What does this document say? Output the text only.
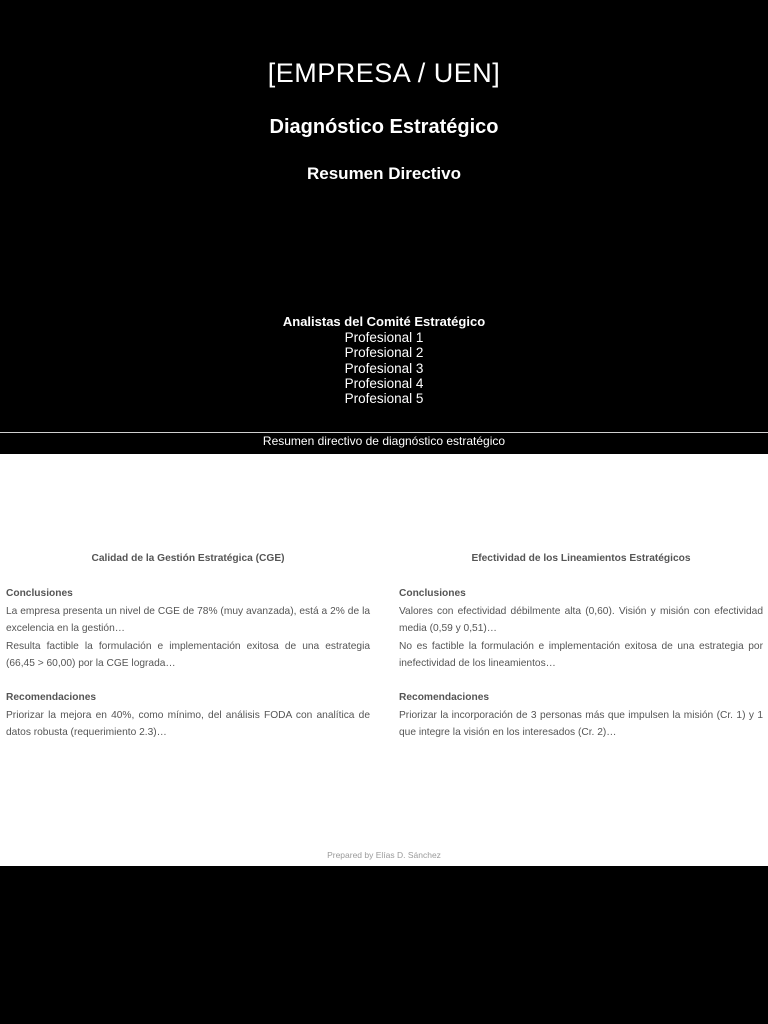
[EMPRESA / UEN]
Diagnóstico Estratégico
Resumen Directivo
Analistas del Comité Estratégico
Profesional 1
Profesional 2
Profesional 3
Profesional 4
Profesional 5
Resumen directivo de diagnóstico estratégico
Calidad de la Gestión Estratégica (CGE)
Conclusiones
La empresa presenta un nivel de CGE de 78% (muy avanzada), está a 2% de la excelencia en la gestión…
Resulta factible la formulación e implementación exitosa de una estrategia (66,45 > 60,00) por la CGE lograda…
Recomendaciones
Priorizar la mejora en 40%, como mínimo, del análisis FODA con analítica de datos robusta (requerimiento 2.3)…
Efectividad de los Lineamientos Estratégicos
Conclusiones
Valores con efectividad débilmente alta (0,60). Visión y misión con efectividad media (0,59 y 0,51)…
No es factible la formulación e implementación exitosa de una estrategia por inefectividad de los lineamientos…
Recomendaciones
Priorizar la incorporación de 3 personas más que impulsen la misión (Cr. 1) y 1 que integre la visión en los interesados (Cr. 2)…
Prepared by Elías D. Sánchez
